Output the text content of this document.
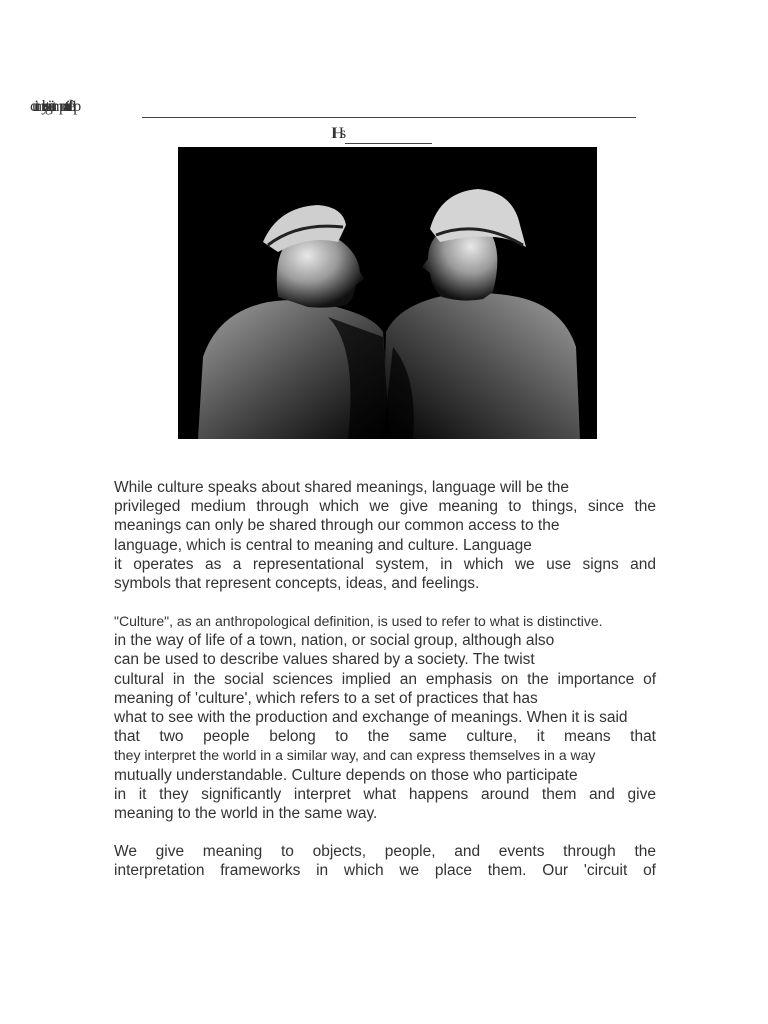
cutimlrystgicsi utmpnttaitdfe1p
IHs
While culture speaks about shared meanings, language will be the
privileged medium through which we give meaning to things, since the
meanings can only be shared through our common access to the
language, which is central to meaning and culture. Language
it operates as a representational system, in which we use signs and
symbols that represent concepts, ideas, and feelings.
"Culture", as an anthropological definition, is used to refer to what is distinctive.
in the way of life of a town, nation, or social group, although also
can be used to describe values shared by a society. The twist
cultural in the social sciences implied an emphasis on the importance of
meaning of 'culture', which refers to a set of practices that has
what to see with the production and exchange of meanings. When it is said
that two people belong to the same culture, it means that
they interpret the world in a similar way, and can express themselves in a way
mutually understandable. Culture depends on those who participate
in it they significantly interpret what happens around them and give
meaning to the world in the same way.
We give meaning to objects, people, and events through the
interpretation frameworks in which we place them. Our 'circuit of
